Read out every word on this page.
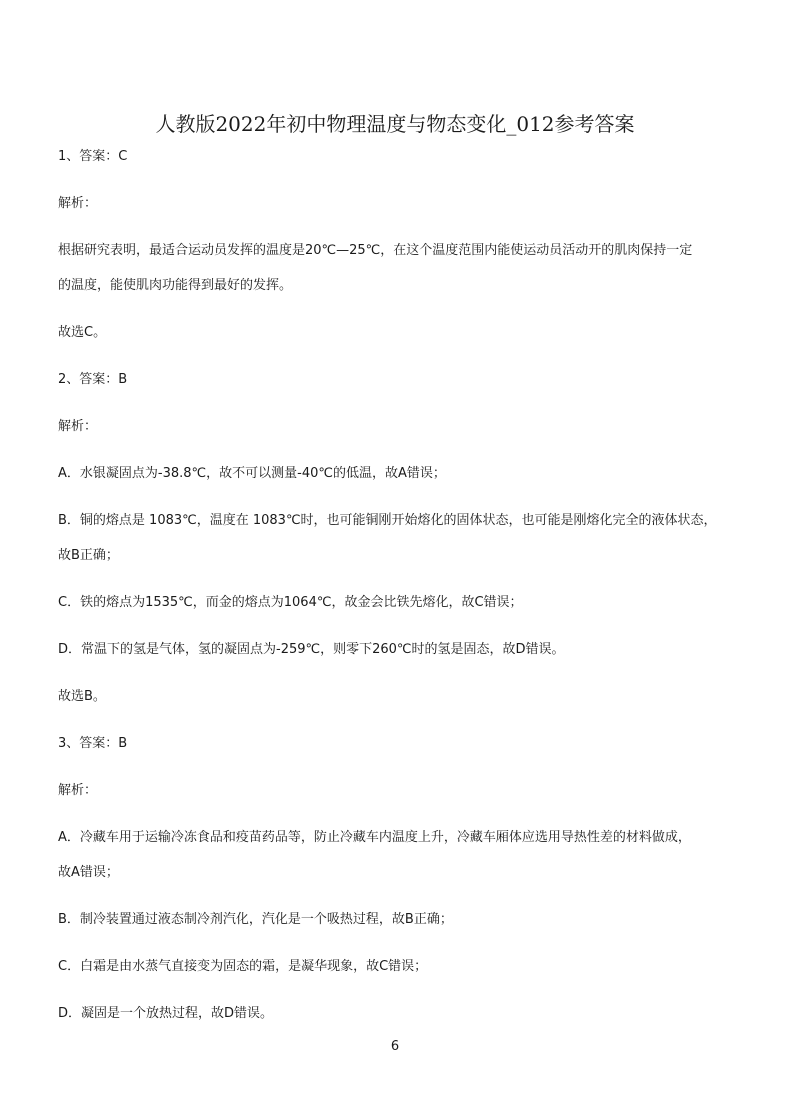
人教版2022年初中物理温度与物态变化_012参考答案
1、答案：C
解析：
根据研究表明，最适合运动员发挥的温度是20℃—25℃，在这个温度范围内能使运动员活动开的肌肉保持一定
的温度，能使肌肉功能得到最好的发挥。
故选C。
2、答案：B
解析：
A．水银凝固点为-38.8℃，故不可以测量-40℃的低温，故A错误；
B．铜的熔点是 1083℃，温度在 1083℃时，也可能铜刚开始熔化的固体状态，也可能是刚熔化完全的液体状态，
故B正确；
C．铁的熔点为1535℃，而金的熔点为1064℃，故金会比铁先熔化，故C错误；
D．常温下的氢是气体，氢的凝固点为-259℃，则零下260℃时的氢是固态，故D错误。
故选B。
3、答案：B
解析：
A．冷藏车用于运输冷冻食品和疫苗药品等，防止冷藏车内温度上升，冷藏车厢体应选用导热性差的材料做成，
故A错误；
B．制冷装置通过液态制冷剂汽化，汽化是一个吸热过程，故B正确；
C．白霜是由水蒸气直接变为固态的霜，是凝华现象，故C错误；
D．凝固是一个放热过程，故D错误。
6
